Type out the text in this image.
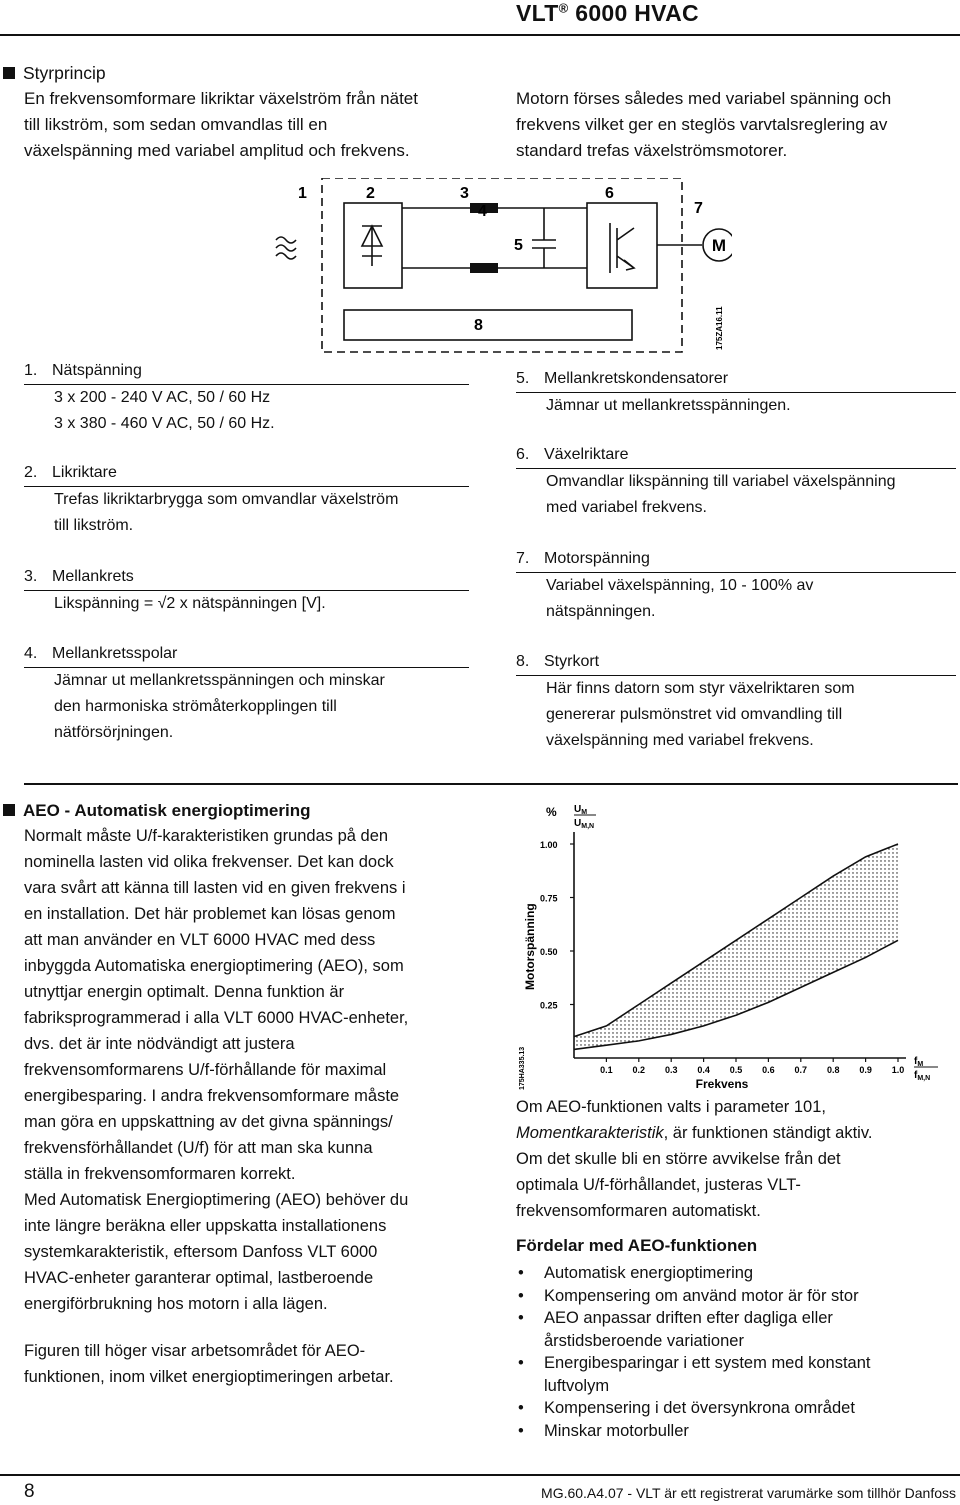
VLT® 6000 HVAC
Styrprincip
En frekvensomformare likriktar växelström från nätet
till likström, som sedan omvandlas till en
växelspänning med variabel amplitud och frekvens.
Motorn förses således med variabel spänning och
frekvens vilket ger en steglös varvtalsreglering av
standard trefas växelströmsmotorer.
M
1	2	3
4
5
6
7
8	175ZA16.11
1. Nätspänning
3 x 200 - 240 V AC, 50 / 60 Hz
3 x 380 - 460 V AC, 50 / 60 Hz.
2. Likriktare
Trefas likriktarbrygga som omvandlar växelström
till likström.
3. Mellankrets
Likspänning = √2 x nätspänningen [V].
4. Mellankretsspolar
Jämnar ut mellankretsspänningen och minskar
den harmoniska strömåterkopplingen till
nätförsörjningen.
5. Mellankretskondensatorer
Jämnar ut mellankretsspänningen.
6. Växelriktare
Omvandlar likspänning till variabel växelspänning
med variabel frekvens.
7. Motorspänning
Variabel växelspänning, 10 - 100% av
nätspänningen.
8. Styrkort
Här finns datorn som styr växelriktaren som
genererar pulsmönstret vid omvandling till
växelspänning med variabel frekvens.
AEO - Automatisk energioptimering
Normalt måste U/f-karakteristiken grundas på den
nominella lasten vid olika frekvenser. Det kan dock
vara svårt att känna till lasten vid en given frekvens i
en installation. Det här problemet kan lösas genom
att man använder en VLT 6000 HVAC med dess
inbyggda Automatiska energioptimering (AEO), som
utnyttjar energin optimalt. Denna funktion är
fabriksprogrammerad i alla VLT 6000 HVAC-enheter,
dvs. det är inte nödvändigt att justera
frekvensomformarens U/f-förhållande för maximal
energibesparing. I andra frekvensomformare måste
man göra en uppskattning av det givna spännings/
frekvensförhållandet (U/f) för att man ska kunna
ställa in frekvensomformaren korrekt.
Med Automatisk Energioptimering (AEO) behöver du
inte längre beräkna eller uppskatta installationens
systemkarakteristik, eftersom Danfoss VLT 6000
HVAC-enheter garanterar optimal, lastberoende
energiförbrukning hos motorn i alla lägen.
Figuren till höger visar arbetsområdet för AEO-
funktionen, inom vilket energioptimeringen arbetar.
% $U_M$
$U_{M,N}$
Motorspänning
175HA335.13	Frekvens
$f_M$
$f_{M,N}$
1.00
0.75
0.50
0.25
0.1 0.2 0.3 0.4 0.5 0.6 0.7 0.8 0.9 1.0
Om AEO-funktionen valts i parameter 101,
Momentkarakteristik, är funktionen ständigt aktiv.
Om det skulle bli en större avvikelse från det
optimala U/f-förhållandet, justeras VLT-
frekvensomformaren automatiskt.
Fördelar med AEO-funktionen
• Automatisk energioptimering
• Kompensering om använd motor är för stor
• AEO anpassar driften efter dagliga eller
årstidsberoende variationer
• Energibesparingar i ett system med konstant
luftvolym
• Kompensering i det översynkrona området
• Minskar motorbuller
8	MG.60.A4.07 - VLT är ett registrerat varumärke som tillhör Danfoss
